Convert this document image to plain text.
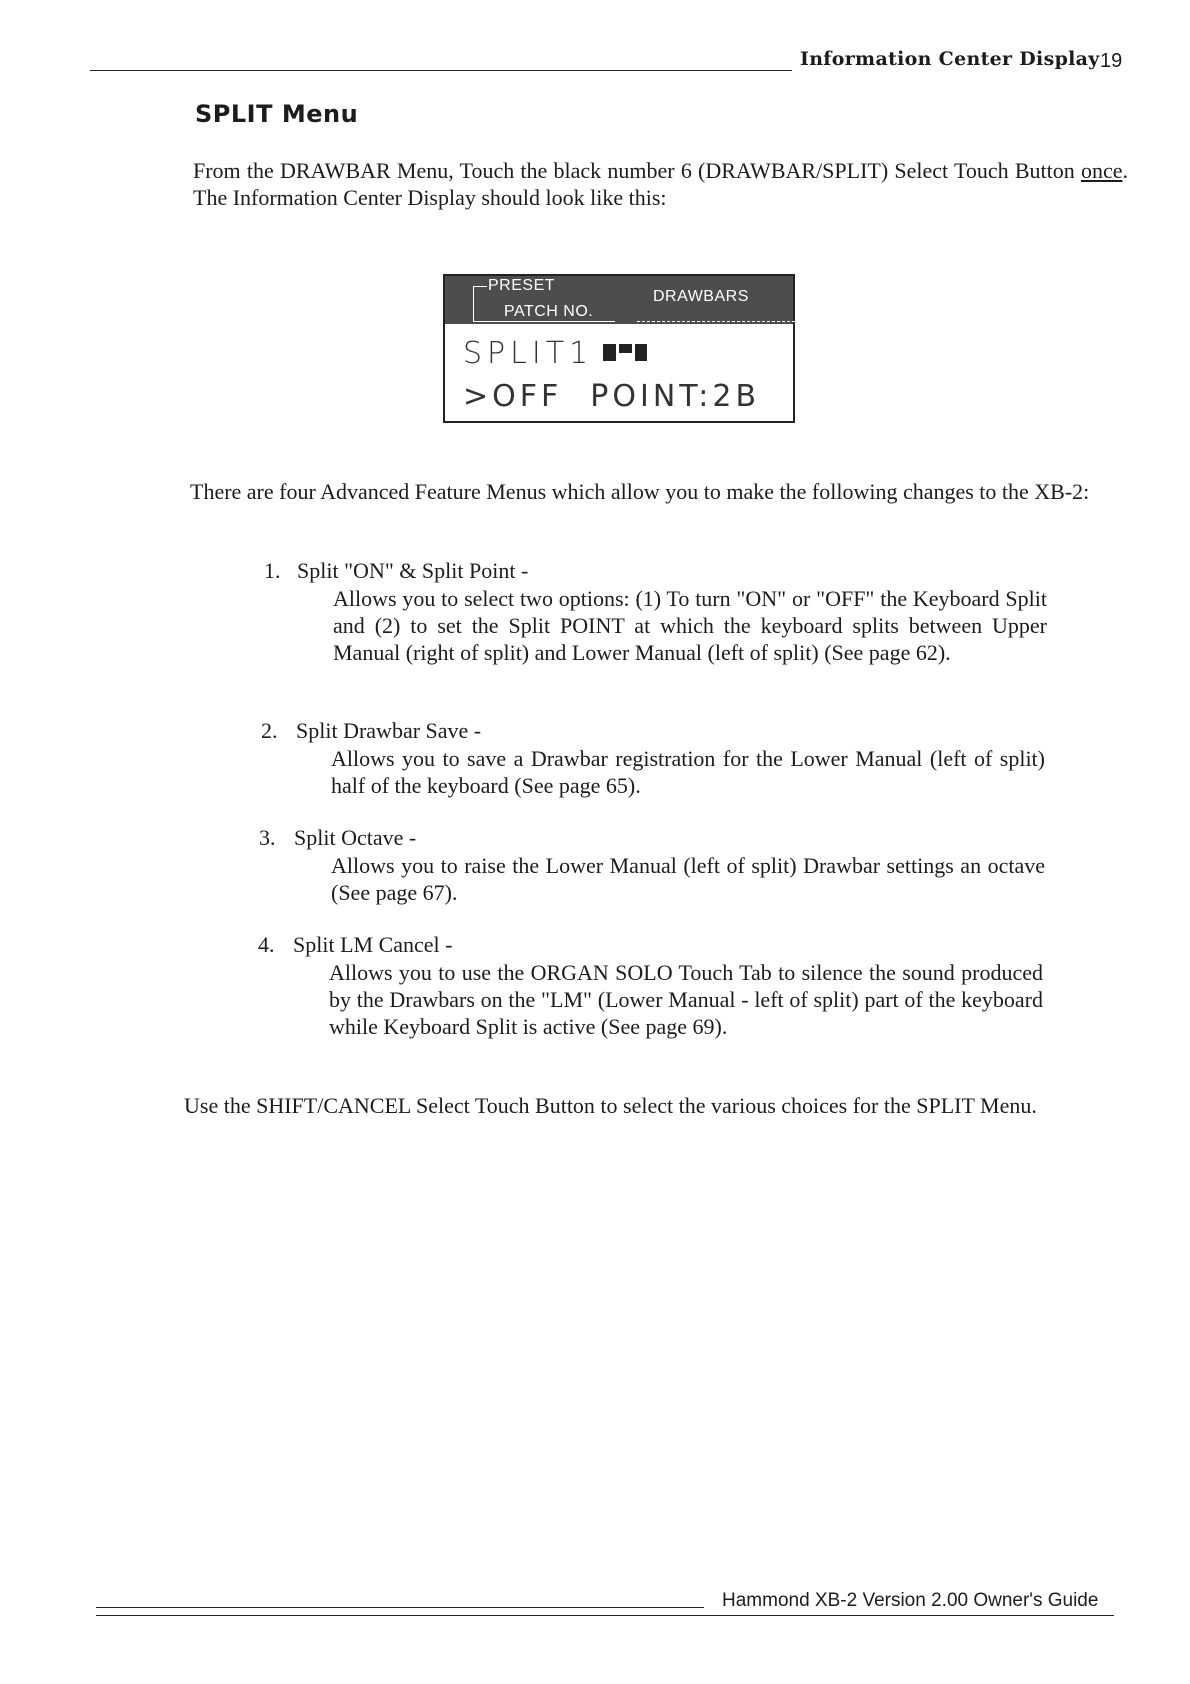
Information Center Display 19
SPLIT Menu
From the DRAWBAR Menu, Touch the black number 6 (DRAWBAR/SPLIT) Select Touch Button once. The Information Center Display should look like this:
PRESET
PATCH NO.
DRAWBARS
SPLIT1
>OFF POINT:2B
There are four Advanced Feature Menus which allow you to make the following changes to the XB-2:
1. Split "ON" & Split Point -
Allows you to select two options: (1) To turn "ON" or "OFF" the Keyboard Split and (2) to set the Split POINT at which the keyboard splits between Upper Manual (right of split) and Lower Manual (left of split) (See page 62).
2. Split Drawbar Save -
Allows you to save a Drawbar registration for the Lower Manual (left of split) half of the keyboard (See page 65).
3. Split Octave -
Allows you to raise the Lower Manual (left of split) Drawbar settings an octave (See page 67).
4. Split LM Cancel -
Allows you to use the ORGAN SOLO Touch Tab to silence the sound produced by the Drawbars on the "LM" (Lower Manual - left of split) part of the keyboard while Keyboard Split is active (See page 69).
Use the SHIFT/CANCEL Select Touch Button to select the various choices for the SPLIT Menu.
Hammond XB-2 Version 2.00 Owner's Guide
